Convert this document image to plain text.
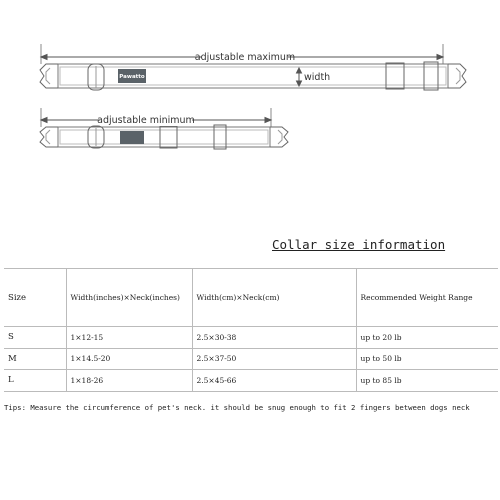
Pawatto
adjustable maximum
adjustable minimum
width
Collar size information
Size	Width(inches)×Neck(inches)	Width(cm)×Neck(cm)	Recommended Weight Range
S	1×12-15	2.5×30-38	up to 20 lb
M	1×14.5-20	2.5×37-50	up to 50 lb
L	1×18-26	2.5×45-66	up to 85 lb
Tips: Measure the circumference of pet's neck. it should be snug enough to fit 2 fingers between dogs neck
